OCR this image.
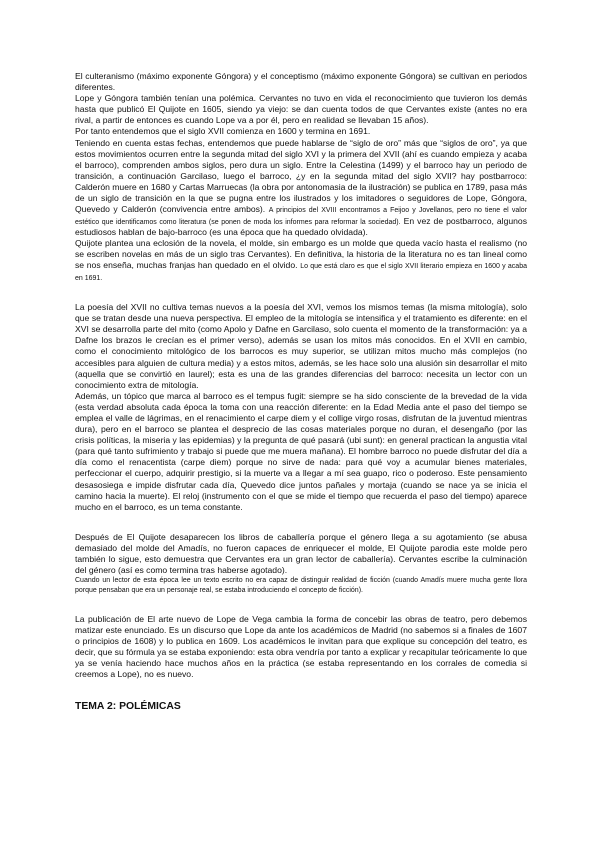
El culteranismo (máximo exponente Góngora) y el conceptismo (máximo exponente Góngora) se cultivan en periodos diferentes.

Lope y Góngora también tenían una polémica. Cervantes no tuvo en vida el reconocimiento que tuvieron los demás hasta que publicó El Quijote en 1605, siendo ya viejo: se dan cuenta todos de que Cervantes existe (antes no era rival, a partir de entonces es cuando Lope va a por él, pero en realidad se llevaban 15 años).

Por tanto entendemos que el siglo XVII comienza en 1600 y termina en 1691.

Teniendo en cuenta estas fechas, entendemos que puede hablarse de “siglo de oro” más que “siglos de oro”, ya que estos movimientos ocurren entre la segunda mitad del siglo XVI y la primera del XVII (ahí es cuando empieza y acaba el barroco), comprenden ambos siglos, pero dura un siglo. Entre la Celestina (1499) y el barroco hay un periodo de transición, a continuación Garcilaso, luego el barroco, ¿y en la segunda mitad del siglo XVII? hay postbarroco: Calderón muere en 1680 y Cartas Marruecas (la obra por antonomasia de la ilustración) se publica en 1789, pasa más de un siglo de transición en la que se pugna entre los ilustrados y los imitadores o seguidores de Lope, Góngora, Quevedo y Calderón (convivencia entre ambos). A principios del XVIII encontramos a Feijoo y Jovellanos, pero no tiene el valor estético que identificamos como literatura (se ponen de moda los informes para reformar la sociedad). En vez de postbarroco, algunos estudiosos hablan de bajo-barroco (es una época que ha quedado olvidada).

Quijote plantea una eclosión de la novela, el molde, sin embargo es un molde que queda vacío hasta el realismo (no se escriben novelas en más de un siglo tras Cervantes). En definitiva, la historia de la literatura no es tan lineal como se nos enseña, muchas franjas han quedado en el olvido. Lo que está claro es que el siglo XVII literario empieza en 1600 y acaba en 1691.

La poesía del XVII no cultiva temas nuevos a la poesía del XVI, vemos los mismos temas (la misma mitología), solo que se tratan desde una nueva perspectiva. El empleo de la mitología se intensifica y el tratamiento es diferente: en el XVI se desarrolla parte del mito (como Apolo y Dafne en Garcilaso, solo cuenta el momento de la transformación: ya a Dafne los brazos le crecían es el primer verso), además se usan los mitos más conocidos. En el XVII en cambio, como el conocimiento mitológico de los barrocos es muy superior, se utilizan mitos mucho más complejos (no accesibles para alguien de cultura media) y a estos mitos, además, se les hace solo una alusión sin desarrollar el mito (aquella que se convirtió en laurel); esta es una de las grandes diferencias del barroco: necesita un lector con un conocimiento extra de mitología.

Además, un tópico que marca al barroco es el tempus fugit: siempre se ha sido consciente de la brevedad de la vida (esta verdad absoluta cada época la toma con una reacción diferente: en la Edad Media ante el paso del tiempo se emplea el valle de lágrimas, en el renacimiento el carpe diem y el collige virgo rosas, disfrutan de la juventud mientras dura), pero en el barroco se plantea el desprecio de las cosas materiales porque no duran, el desengaño (por las crisis políticas, la miseria y las epidemias) y la pregunta de qué pasará (ubi sunt): en general practican la angustia vital (para qué tanto sufrimiento y trabajo si puede que me muera mañana). El hombre barroco no puede disfrutar del día a día como el renacentista (carpe diem) porque no sirve de nada: para qué voy a acumular bienes materiales, perfeccionar el cuerpo, adquirir prestigio, si la muerte va a llegar a mí sea guapo, rico o poderoso. Este pensamiento desasosiega e impide disfrutar cada día, Quevedo dice juntos pañales y mortaja (cuando se nace ya se inicia el camino hacia la muerte). El reloj (instrumento con el que se mide el tiempo que recuerda el paso del tiempo) aparece mucho en el barroco, es un tema constante.

Después de El Quijote desaparecen los libros de caballería porque el género llega a su agotamiento (se abusa demasiado del molde del Amadís, no fueron capaces de enriquecer el molde, El Quijote parodia este molde pero también lo sigue, esto demuestra que Cervantes era un gran lector de caballería). Cervantes escribe la culminación del género (así es como termina tras haberse agotado).

Cuando un lector de esta época lee un texto escrito no era capaz de distinguir realidad de ficción (cuando Amadís muere mucha gente llora porque pensaban que era un personaje real, se estaba introduciendo el concepto de ficción).

La publicación de El arte nuevo de Lope de Vega cambia la forma de concebir las obras de teatro, pero debemos matizar este enunciado. Es un discurso que Lope da ante los académicos de Madrid (no sabemos si a finales de 1607 o principios de 1608) y lo publica en 1609. Los académicos le invitan para que explique su concepción del teatro, es decir, que su fórmula ya se estaba exponiendo: esta obra vendría por tanto a explicar y recapitular teóricamente lo que ya se venía haciendo hace muchos años en la práctica (se estaba representando en los corrales de comedia si creemos a Lope), no es nuevo.

TEMA 2: POLÉMICAS
